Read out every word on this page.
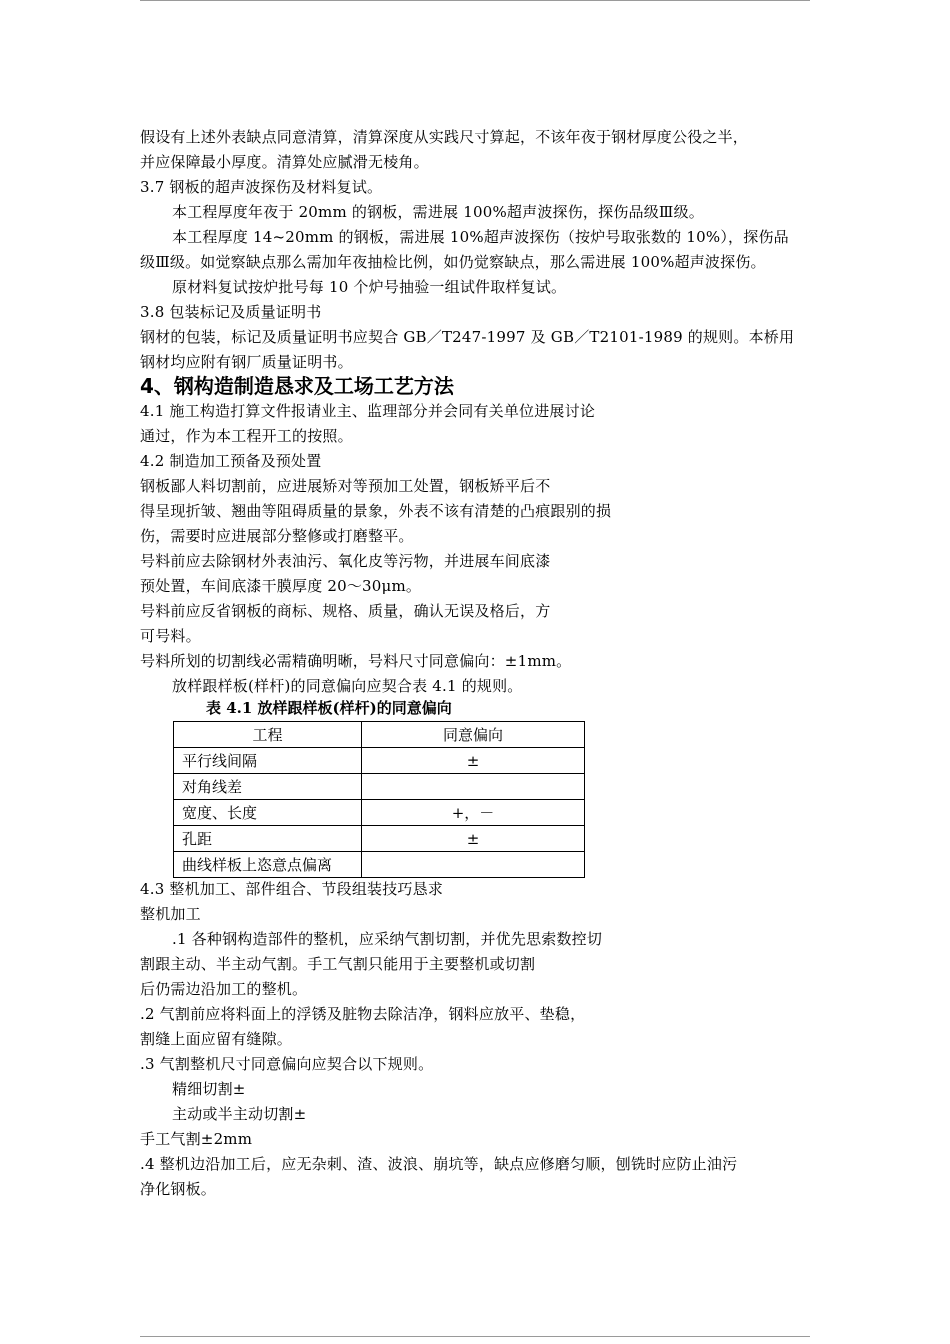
假设有上述外表缺点同意清算，清算深度从实践尺寸算起，不该年夜于钢材厚度公役之半，
并应保障最小厚度。清算处应腻滑无棱角。
3.7 钢板的超声波探伤及材料复试。
本工程厚度年夜于 20mm 的钢板，需进展 100%超声波探伤，探伤品级Ⅲ级。
本工程厚度 14~20mm 的钢板，需进展 10%超声波探伤（按炉号取张数的 10%），探伤品
级Ⅲ级。如觉察缺点那么需加年夜抽检比例，如仍觉察缺点，那么需进展 100%超声波探伤。
原材料复试按炉批号每 10 个炉号抽验一组试件取样复试。
3.8 包装标记及质量证明书
钢材的包装，标记及质量证明书应契合 GB／T247-1997 及 GB／T2101-1989 的规则。本桥用
钢材均应附有钢厂质量证明书。
4、钢构造制造恳求及工场工艺方法
4.1 施工构造打算文件报请业主、监理部分并会同有关单位进展讨论
通过，作为本工程开工的按照。
4.2 制造加工预备及预处置
钢板鄙人料切割前，应进展矫对等预加工处置，钢板矫平后不
得呈现折皱、翘曲等阻碍质量的景象，外表不该有清楚的凸痕跟别的损
伤，需要时应进展部分整修或打磨整平。
号料前应去除钢材外表油污、氧化皮等污物，并进展车间底漆
预处置，车间底漆干膜厚度 20～30μm。
号料前应反省钢板的商标、规格、质量，确认无误及格后，方
可号料。
号料所划的切割线必需精确明晰，号料尺寸同意偏向：±1mm。
放样跟样板(样杆)的同意偏向应契合表 4.1 的规则。
表 4.1 放样跟样板(样杆)的同意偏向
工程	同意偏向
平行线间隔	±
对角线差	
宽度、长度	+，－
孔距	±
曲线样板上恣意点偏离	
4.3 整机加工、部件组合、节段组装技巧恳求
整机加工
.1 各种钢构造部件的整机，应采纳气割切割，并优先思索数控切
割跟主动、半主动气割。手工气割只能用于主要整机或切割
后仍需边沿加工的整机。
.2 气割前应将料面上的浮锈及脏物去除洁净，钢料应放平、垫稳，
割缝上面应留有缝隙。
.3 气割整机尺寸同意偏向应契合以下规则。
精细切割±
主动或半主动切割±
手工气割±2mm
.4 整机边沿加工后，应无杂刺、渣、波浪、崩坑等，缺点应修磨匀顺，刨铣时应防止油污
净化钢板。
